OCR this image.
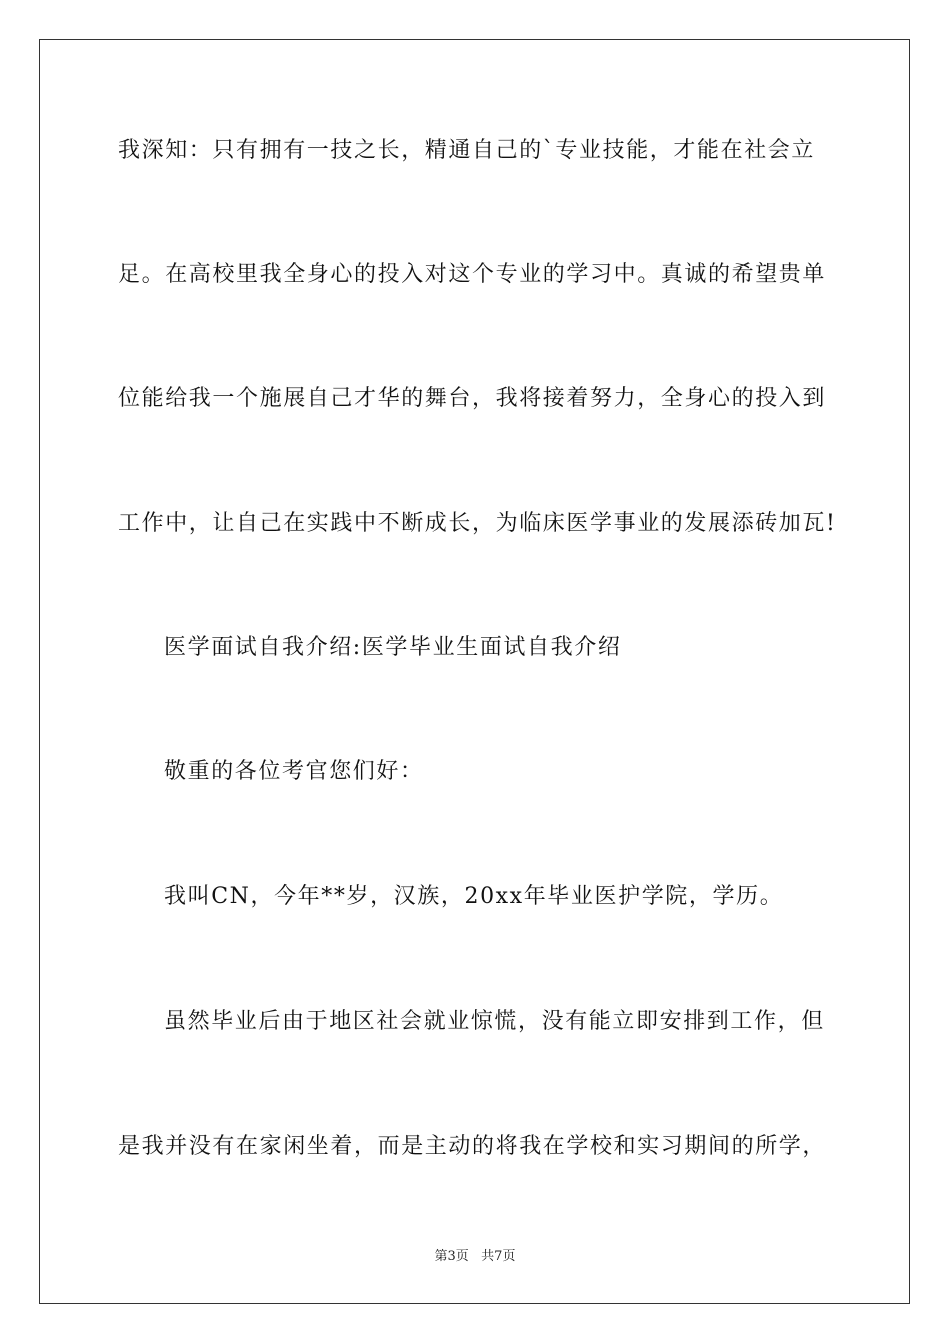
我深知：只有拥有一技之长，精通自己的`专业技能，才能在社会立
足。在高校里我全身心的投入对这个专业的学习中。真诚的希望贵单
位能给我一个施展自己才华的舞台，我将接着努力，全身心的投入到
工作中，让自己在实践中不断成长，为临床医学事业的发展添砖加瓦!
医学面试自我介绍:医学毕业生面试自我介绍
敬重的各位考官您们好：
我叫CN，今年**岁，汉族，20xx年毕业医护学院，学历。
虽然毕业后由于地区社会就业惊慌，没有能立即安排到工作，但
是我并没有在家闲坐着，而是主动的将我在学校和实习期间的所学，
第3页   共7页
